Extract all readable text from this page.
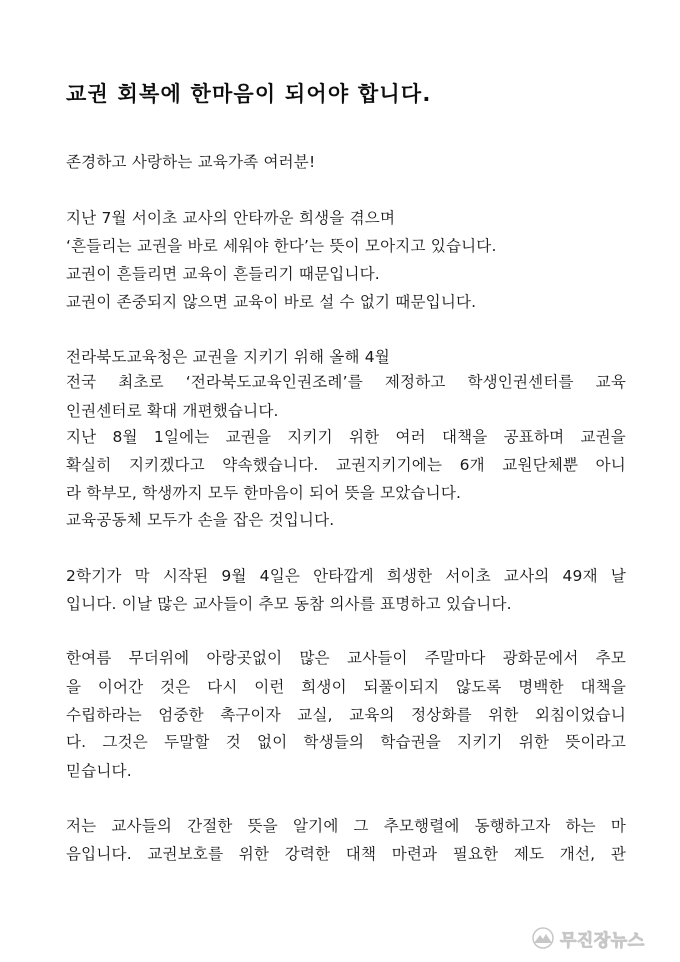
교권 회복에 한마음이 되어야 합니다.

존경하고 사랑하는 교육가족 여러분!

지난 7월 서이초 교사의 안타까운 희생을 겪으며

‘흔들리는 교권을 바로 세워야 한다’는 뜻이 모아지고 있습니다.

교권이 흔들리면 교육이 흔들리기 때문입니다.

교권이 존중되지 않으면 교육이 바로 설 수 없기 때문입니다.

전라북도교육청은 교권을 지키기 위해 올해 4월

전국 최초로 ‘전라북도교육인권조례’를 제정하고 학생인권센터를 교육

인권센터로 확대 개편했습니다.

지난 8월 1일에는 교권을 지키기 위한 여러 대책을 공표하며 교권을

확실히 지키겠다고 약속했습니다. 교권지키기에는 6개 교원단체뿐 아니

라 학부모, 학생까지 모두 한마음이 되어 뜻을 모았습니다.

교육공동체 모두가 손을 잡은 것입니다.

2학기가 막 시작된 9월 4일은 안타깝게 희생한 서이초 교사의 49재 날

입니다. 이날 많은 교사들이 추모 동참 의사를 표명하고 있습니다.

한여름 무더위에 아랑곳없이 많은 교사들이 주말마다 광화문에서 추모

을 이어간 것은 다시 이런 희생이 되풀이되지 않도록 명백한 대책을

수립하라는 엄중한 촉구이자 교실, 교육의 정상화를 위한 외침이었습니

다. 그것은 두말할 것 없이 학생들의 학습권을 지키기 위한 뜻이라고

믿습니다.

저는 교사들의 간절한 뜻을 알기에 그 추모행렬에 동행하고자 하는 마

음입니다. 교권보호를 위한 강력한 대책 마련과 필요한 제도 개선, 관

무진장뉴스
